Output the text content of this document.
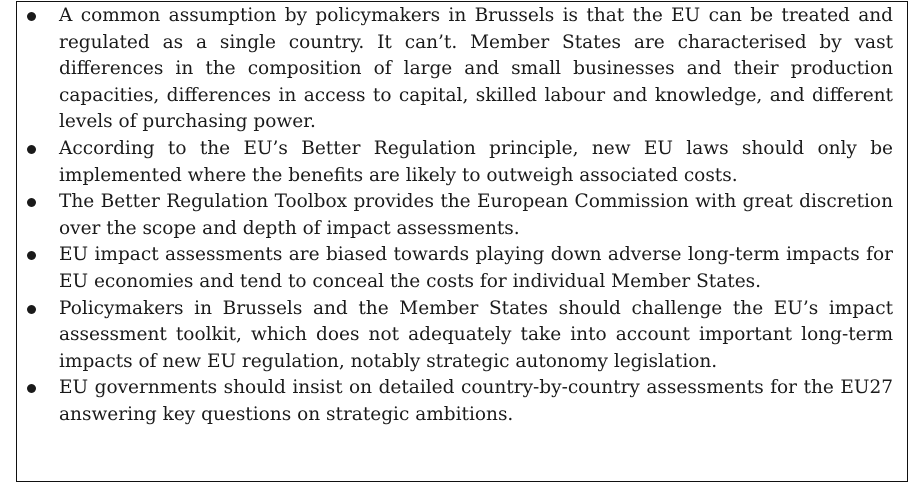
A common assumption by policymakers in Brussels is that the EU can be treated and regulated as a single country. It can’t. Member States are characterised by vast differences in the composition of large and small businesses and their production capacities, differences in access to capital, skilled labour and knowledge, and different levels of purchasing power.
According to the EU’s Better Regulation principle, new EU laws should only be implemented where the benefits are likely to outweigh associated costs.
The Better Regulation Toolbox provides the European Commission with great discretion over the scope and depth of impact assessments.
EU impact assessments are biased towards playing down adverse long-term impacts for EU economies and tend to conceal the costs for individual Member States.
Policymakers in Brussels and the Member States should challenge the EU’s impact assessment toolkit, which does not adequately take into account important long-term impacts of new EU regulation, notably strategic autonomy legislation.
EU governments should insist on detailed country-by-country assessments for the EU27 answering key questions on strategic ambitions.
